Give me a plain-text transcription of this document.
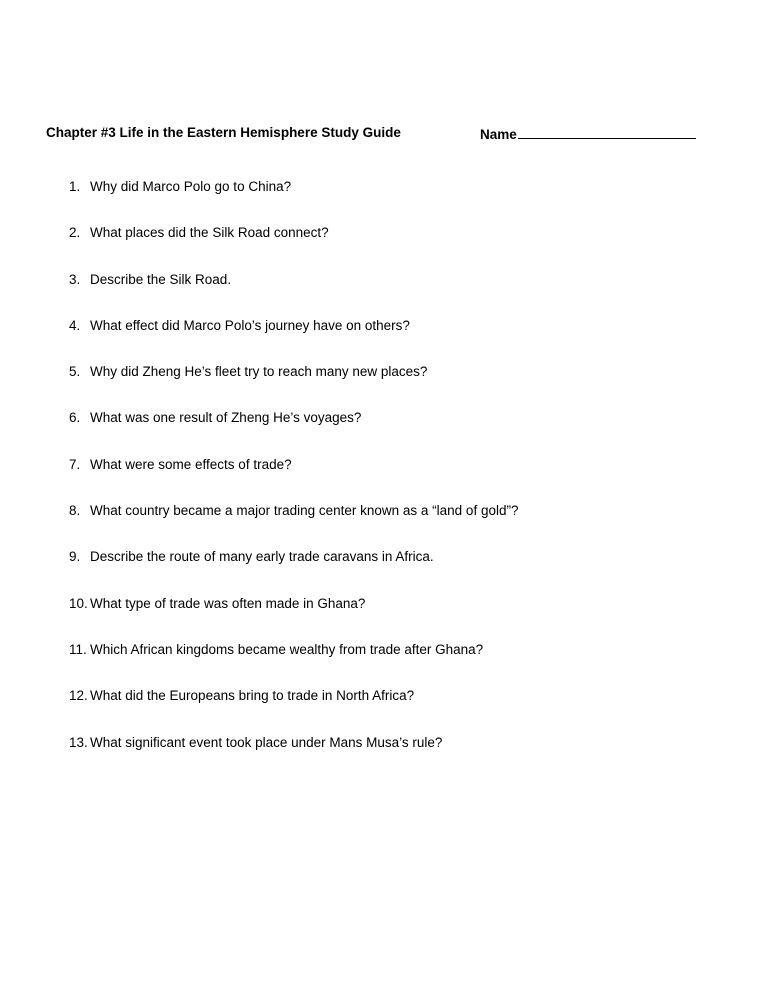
Chapter #3 Life in the Eastern Hemisphere Study Guide	Name
1. Why did Marco Polo go to China?
2. What places did the Silk Road connect?
3. Describe the Silk Road.
4. What effect did Marco Polo’s journey have on others?
5. Why did Zheng He’s fleet try to reach many new places?
6. What was one result of Zheng He’s voyages?
7. What were some effects of trade?
8. What country became a major trading center known as a “land of gold”?
9. Describe the route of many early trade caravans in Africa.
10. What type of trade was often made in Ghana?
11. Which African kingdoms became wealthy from trade after Ghana?
12. What did the Europeans bring to trade in North Africa?
13. What significant event took place under Mans Musa’s rule?
